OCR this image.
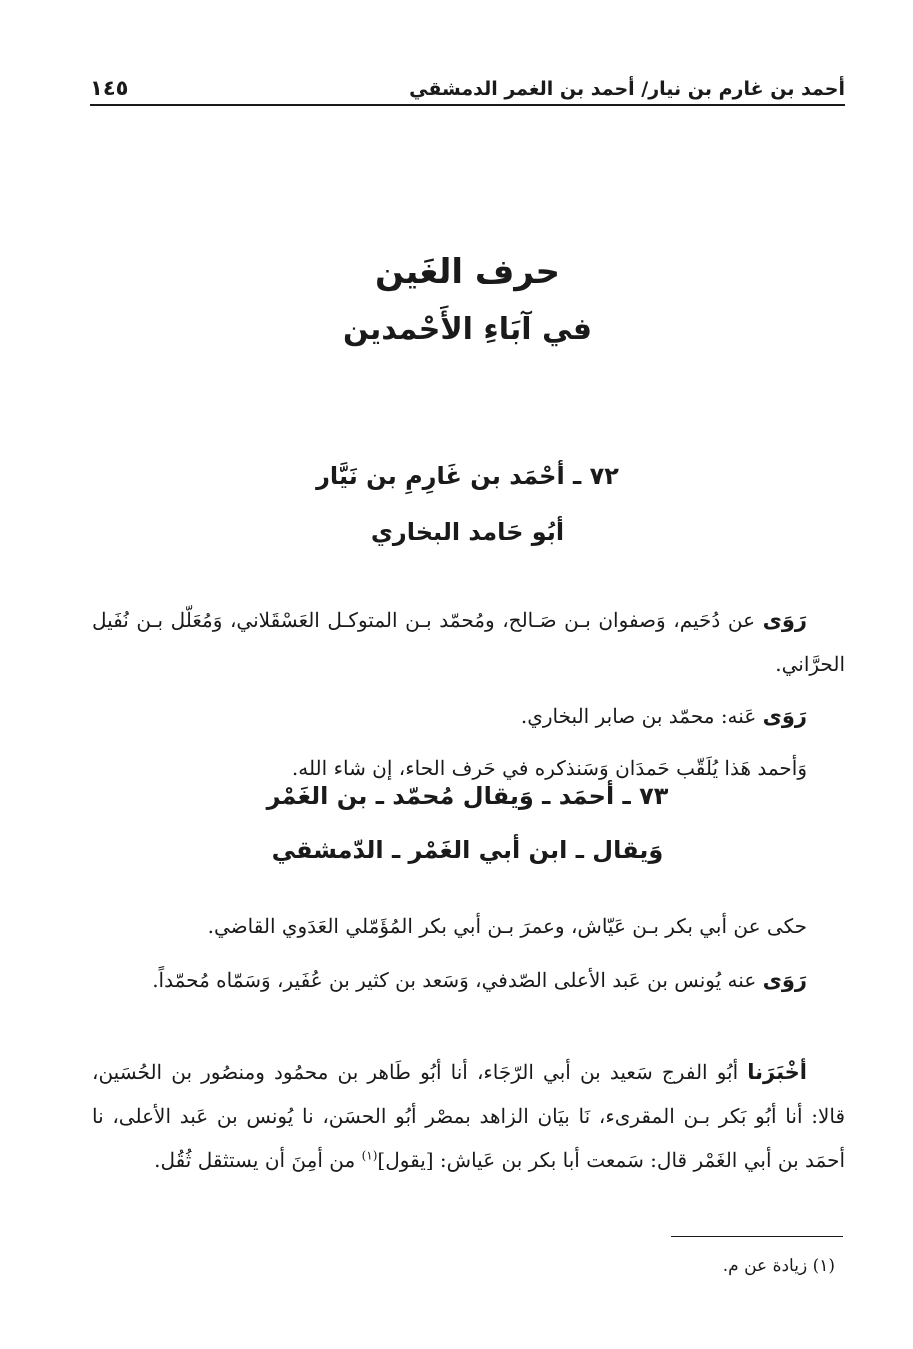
أحمد بن غارم بن نيار/ أحمد بن الغمر الدمشقي
١٤٥
حرف الغَين
في آبَاءِ الأَحْمدين
٧٢ ـ أحْمَد بن غَارِمِ بن نَيَّار
أبُو حَامد البخاري

رَوَى عن دُحَيم، وَصفوان بـن صَـالح، ومُحمّد بـن المتوكـل العَسْقَلاني، وَمُعَلّل بـن نُفَيل الحرَّاني.

رَوَى عَنه: محمّد بن صابر البخاري.

وَأحمد هَذا يُلَقّب حَمدَان وَسَنذكره في حَرف الحاء، إن شاء الله.

٧٣ ـ أحمَد ـ وَيقال مُحمّد ـ بن الغَمْر
وَيقال ـ ابن أبي الغَمْر ـ الدّمشقي

حكى عن أبي بكر بـن عَيّاش، وعمرَ بـن أبي بكر المُؤَمّلي العَدَوي القاضي.

رَوَى عنه يُونس بن عَبد الأعلى الصّدفي، وَسَعد بن كثير بن عُفَير، وَسَمّاه مُحمّداً.

أخْبَرَنا أبُو الفرج سَعيد بن أبي الرّجَاء، أنا أبُو طَاهر بن محمُود ومنصُور بن الحُسَين، قالا: أنا أبُو بَكر بـن المقرىء، نَا بيَان الزاهد بمصْر أبُو الحسَن، نا يُونس بن عَبد الأعلى، نا أحمَد بن أبي الغَمْر قال: سَمعت أبا بكر بن عَياش: [يقول]$^{(١)}$ من أمِنَ أن يستثقل ثُقُل.

(١) زيادة عن م.
